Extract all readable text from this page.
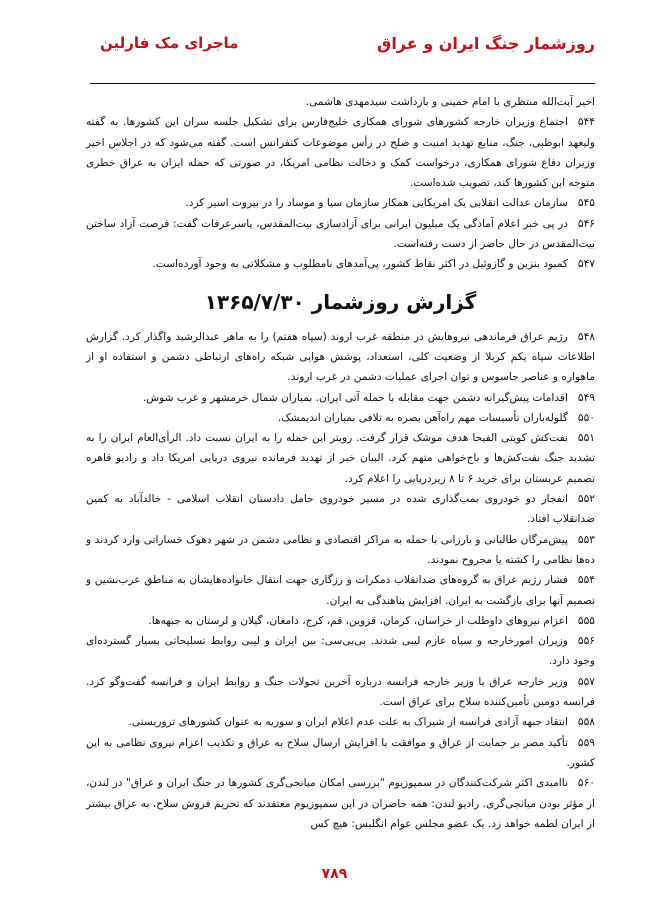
روزشمار جنگ ایران و عراق
ماجرای مک فارلین

اخیر آیت‌الله منتظری با امام خمینی و بازداشت سیدمهدی هاشمی.

۵۴۴اجتماع وزیران خارجه کشورهای شورای همکاری خلیج‌فارس برای تشکیل جلسه سران این کشورها. به گفته ولیعهد ابوظبی، جنگ، منابع تهدید امنیت و صلح در رأس موضوعات کنفرانس است. گفته می‌شود که در اجلاس اخیر وزیران دفاع شورای همکاری، درخواست کمک و دخالت نظامی امریکا، در صورتی که حمله ایران به عراق خطری متوجه این کشورها کند، تصویب شده‌است.

۵۴۵سازمان عدالت انقلابی یک امریکایی همکار سازمان سیا و موساد را در بیروت اسیر کرد.

۵۴۶در پی خبر اعلام آمادگی یک میلیون ایرانی برای آزادسازی بیت‌المقدس، یاسرعرفات گفت: فرصت آزاد ساختن بیت‌المقدس در حال حاضر از دست رفته‌است.

۵۴۷کمبود بنزین و گازوئیل در اکثر نقاط کشور، پی‌آمدهای نامطلوب و مشکلاتی به وجود آورده‌است.

گزارش روزشمار ۱۳۶۵/۷/۳۰

۵۴۸رژیم عراق فرماندهی نیروهایش در منطقه غرب اروند (سپاه هفتم) را به ماهر عبدالرشید واگذار کرد. گزارش اطلاعات سپاه یکم کربلا از وضعیت کلی، استعداد، پوشش هوایی شبکه راه‌های ارتباطی دشمن و استفاده او از ماهواره و عناصر جاسوس و توان اجرای عملیات دشمن در غرب اروند.

۵۴۹اقدامات پیش‌گیرانه دشمن جهت مقابله با حمله آتی ایران. بمباران شمال خرمشهر و غرب شوش.

۵۵۰گلوله‌باران تأسیسات مهم راه‌آهن بصره به تلافی بمباران اندیمشک.

۵۵۱نفت‌کش کویتی الفیحا هدف موشک قرار گرفت. رویتر این حمله را به ایران نسبت داد. الرأی‌العام ایران را به تشدید جنگ نفت‌کش‌ها و باج‌خواهی متهم کرد. البیان خبر از تهدید فرمانده نیروی دریایی امریکا داد و رادیو قاهره تصمیم عربستان برای خرید ۶ تا ۸ زیردریایی را اعلام کرد.

۵۵۲انفجار دو خودروی بمب‌گذاری شده در مسیر خودروی حامل دادستان انقلاب اسلامی - خالدآباد به کمین ضدانقلاب افتاد.

۵۵۳پیش‌مرگان طالبانی و بارزانی با حمله به مراکز اقتصادی و نظامی دشمن در شهر دهوک خساراتی وارد کردند و ده‌ها نظامی را کشته یا مجروح نمودند.

۵۵۴فشار رژیم عراق به گروه‌های ضدانقلاب دمکرات و رزگاری جهت انتقال خانواده‌هایشان به مناطق عرب‌نشین و تصمیم آنها برای بازگشت به ایران. افزایش پناهندگی به ایران.

۵۵۵اعزام نیروهای داوطلب از خراسان، کرمان، قزوین، قم، کرج، دامغان، گیلان و لرستان به جبهه‌ها.

۵۵۶وزیران امورخارجه و سپاه عازم لیبی شدند. بی‌بی‌سی: بین ایران و لیبی روابط تسلیحاتی بسیار گسترده‌ای وجود دارد.

۵۵۷وزیر خارجه عراق با وزیر خارجه فرانسه درباره آخرین تحولات جنگ و روابط ایران و فرانسه گفت‌وگو کرد. فرانسه دومین تأمین‌کننده سلاح برای عراق است.

۵۵۸انتقاد جبهه آزادی فرانسه از شیراک به علت عدم اعلام ایران و سوریه به عنوان کشورهای تروریستی.

۵۵۹تأکید مصر بر حمایت از عراق و موافقت با افزایش ارسال سلاح به عراق و تکذیب اعزام نیروی نظامی به این کشور.

۵۶۰ناامیدی اکثر شرکت‌کنندگان در سمپوزیوم "بررسی امکان میانجی‌گری کشورها در جنگ ایران و عراق" در لندن، از مؤثر بودن میانجی‌گری. رادیو لندن: همه حاضران در این سمپوزیوم معتقدند که تحریم فروش سلاح، به عراق بیشتر از ایران لطمه خواهد زد. یک عضو مجلس عوام انگلیس: هیچ کس

۷۸۹
